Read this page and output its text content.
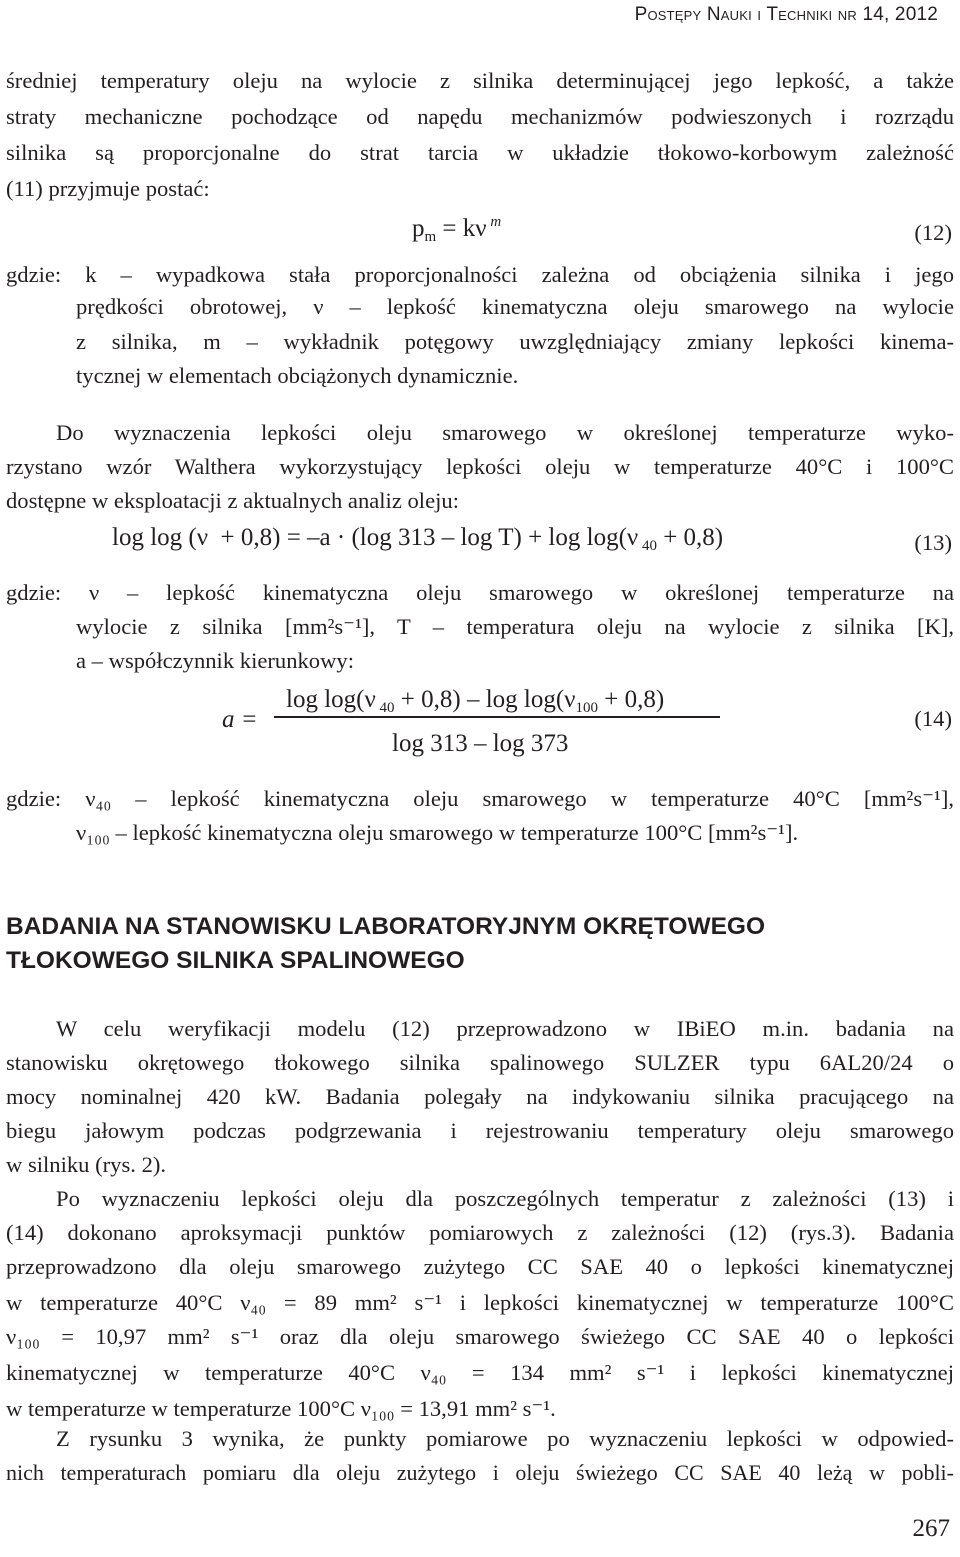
Postępy Nauki i Techniki nr 14, 2012
średniej temperatury oleju na wylocie z silnika determinującej jego lepkość, a także
straty mechaniczne pochodzące od napędu mechanizmów podwieszonych i rozrządu
silnika są proporcjonalne do strat tarcia w układzie tłokowo-korbowym zależność
(11) przyjmuje postać:
$p_m = k\nu$ $^m$	(12)
gdzie: k – wypadkowa stała proporcjonalności zależna od obciążenia silnika i jego
prędkości obrotowej, ν – lepkość kinematyczna oleju smarowego na wylocie
z silnika, m – wykładnik potęgowy uwzględniający zmiany lepkości kinema-
tycznej w elementach obciążonych dynamicznie.
Do wyznaczenia lepkości oleju smarowego w określonej temperaturze wyko-
rzystano wzór Walthera wykorzystujący lepkości oleju w temperaturze 40°C i 100°C
dostępne w eksploatacji z aktualnych analiz oleju:
log log (ν  + 0,8) = –a · (log 313 – log T) + log log(ν $_{40}$ + 0,8)	(13)
gdzie: ν – lepkość kinematyczna oleju smarowego w określonej temperaturze na
wylocie z silnika [mm²s⁻¹], T – temperatura oleju na wylocie z silnika [K],
a – współczynnik kierunkowy:
a =
log log(ν $_{40} + 0,8) - \log \log(\nu_{100} + 0,8)$
log 313 – log 373
(14)
gdzie: ν₄₀ – lepkość kinematyczna oleju smarowego w temperaturze 40°C [mm²s⁻¹],
ν₁₀₀ – lepkość kinematyczna oleju smarowego w temperaturze 100°C [mm²s⁻¹].
BADANIA NA STANOWISKU LABORATORYJNYM OKRĘTOWEGO
TŁOKOWEGO SILNIKA SPALINOWEGO
W celu weryfikacji modelu (12) przeprowadzono w IBiEO m.in. badania na
stanowisku okrętowego tłokowego silnika spalinowego SULZER typu 6AL20/24 o
mocy nominalnej 420 kW. Badania polegały na indykowaniu silnika pracującego na
biegu jałowym podczas podgrzewania i rejestrowaniu temperatury oleju smarowego
w silniku (rys. 2).
Po wyznaczeniu lepkości oleju dla poszczególnych temperatur z zależności (13) i
(14) dokonano aproksymacji punktów pomiarowych z zależności (12) (rys.3). Badania
przeprowadzono dla oleju smarowego zużytego CC SAE 40 o lepkości kinematycznej
w temperaturze 40°C ν₄₀ = 89 mm² s⁻¹ i lepkości kinematycznej w temperaturze 100°C
ν₁₀₀ = 10,97 mm² s⁻¹ oraz dla oleju smarowego świeżego CC SAE 40 o lepkości
kinematycznej w temperaturze 40°C ν₄₀ = 134 mm² s⁻¹ i lepkości kinematycznej
w temperaturze w temperaturze 100°C ν₁₀₀ = 13,91 mm² s⁻¹.
Z rysunku 3 wynika, że punkty pomiarowe po wyznaczeniu lepkości w odpowied-
nich temperaturach pomiaru dla oleju zużytego i oleju świeżego CC SAE 40 leżą w pobli-
267
